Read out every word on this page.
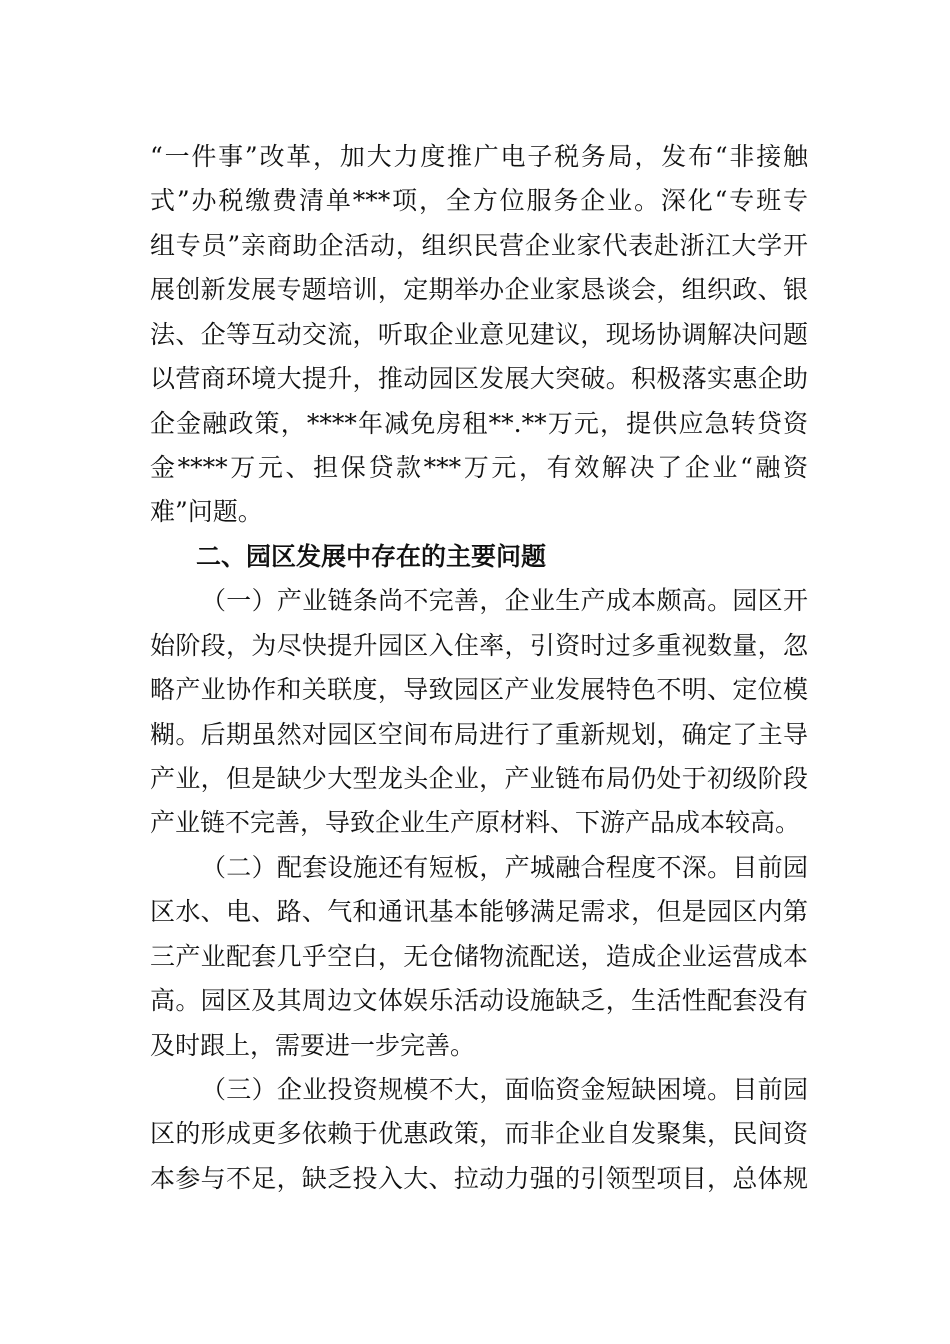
“一件事”改革，加大力度推广电子税务局，发布“非接触
式”办税缴费清单***项，全方位服务企业。深化“专班专
组专员”亲商助企活动，组织民营企业家代表赴浙江大学开
展创新发展专题培训，定期举办企业家恳谈会，组织政、银
法、企等互动交流，听取企业意见建议，现场协调解决问题
以营商环境大提升，推动园区发展大突破。积极落实惠企助
企金融政策，****年减免房租**.**万元，提供应急转贷资
金****万元、担保贷款***万元，有效解决了企业“融资
难”问题。
二、园区发展中存在的主要问题
（一）产业链条尚不完善，企业生产成本颇高。园区开
始阶段，为尽快提升园区入住率，引资时过多重视数量，忽
略产业协作和关联度，导致园区产业发展特色不明、定位模
糊。后期虽然对园区空间布局进行了重新规划，确定了主导
产业，但是缺少大型龙头企业，产业链布局仍处于初级阶段
产业链不完善，导致企业生产原材料、下游产品成本较高。
（二）配套设施还有短板，产城融合程度不深。目前园
区水、电、路、气和通讯基本能够满足需求，但是园区内第
三产业配套几乎空白，无仓储物流配送，造成企业运营成本
高。园区及其周边文体娱乐活动设施缺乏，生活性配套没有
及时跟上，需要进一步完善。
（三）企业投资规模不大，面临资金短缺困境。目前园
区的形成更多依赖于优惠政策，而非企业自发聚集，民间资
本参与不足，缺乏投入大、拉动力强的引领型项目，总体规
